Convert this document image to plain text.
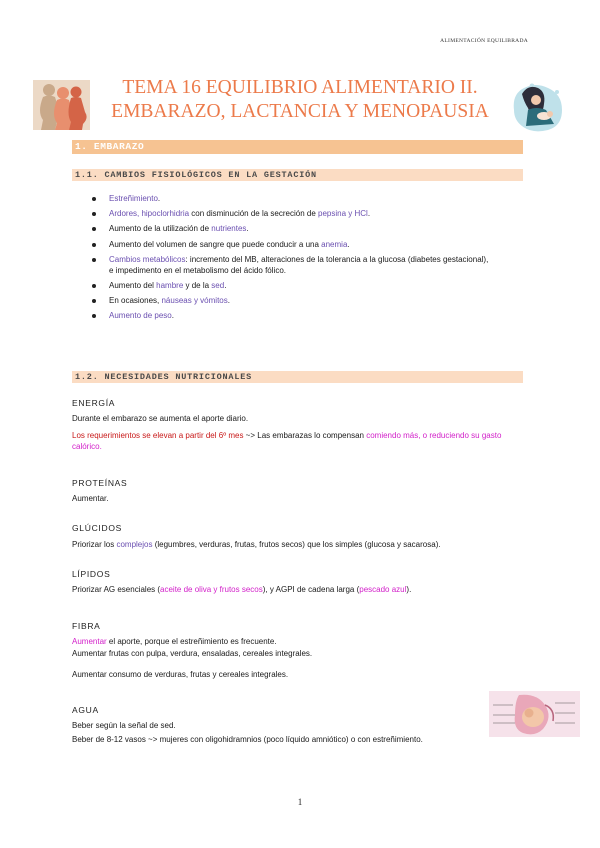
ALIMENTACIÓN EQUILIBRADA
TEMA 16 EQUILIBRIO ALIMENTARIO II.
EMBARAZO, LACTANCIA Y MENOPAUSIA
1. EMBARAZO
1.1. CAMBIOS FISIOLÓGICOS EN LA GESTACIÓN
Estreñimiento.
Ardores, hipoclorhidria con disminución de la secreción de pepsina y HCl.
Aumento de la utilización de nutrientes.
Aumento del volumen de sangre que puede conducir a una anemia.
Cambios metabólicos: incremento del MB, alteraciones de la tolerancia a la glucosa (diabetes gestacional), e impedimento en el metabolismo del ácido fólico.
Aumento del hambre y de la sed.
En ocasiones, náuseas y vómitos.
Aumento de peso.
1.2. NECESIDADES NUTRICIONALES
ENERGÍA
Durante el embarazo se aumenta el aporte diario.
Los requerimientos se elevan a partir del 6º mes ~> Las embarazas lo compensan comiendo más, o reduciendo su gasto calórico.
PROTEÍNAS
Aumentar.
GLÚCIDOS
Priorizar los complejos (legumbres, verduras, frutas, frutos secos) que los simples (glucosa y sacarosa).
LÍPIDOS
Priorizar AG esenciales (aceite de oliva y frutos secos), y AGPI de cadena larga (pescado azul).
FIBRA
Aumentar el aporte, porque el estreñimiento es frecuente.
Aumentar frutas con pulpa, verdura, ensaladas, cereales integrales.
Aumentar consumo de verduras, frutas y cereales integrales.
AGUA
Beber según la señal de sed.
Beber de 8-12 vasos ~> mujeres con oligohidramnios (poco líquido amniótico) o con estreñimiento.
1
